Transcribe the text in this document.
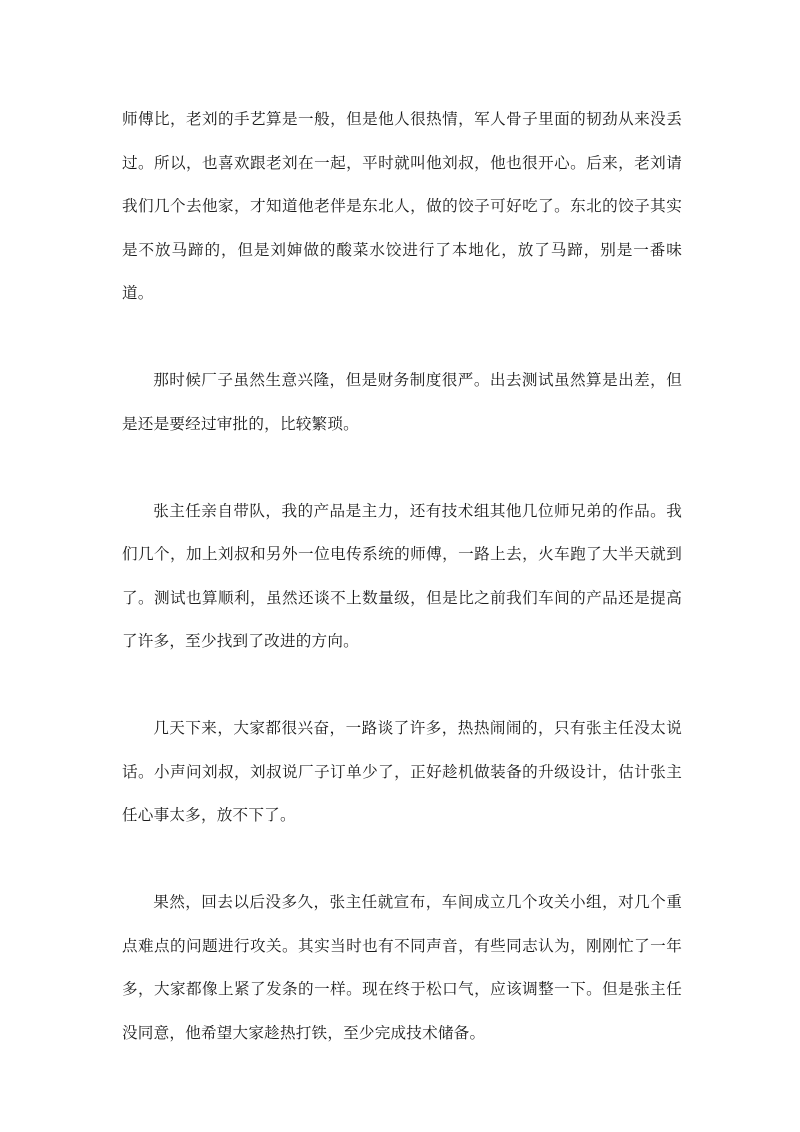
师傅比，老刘的手艺算是一般，但是他人很热情，军人骨子里面的韧劲从来没丢过。所以，也喜欢跟老刘在一起，平时就叫他刘叔，他也很开心。后来，老刘请我们几个去他家，才知道他老伴是东北人，做的饺子可好吃了。东北的饺子其实是不放马蹄的，但是刘婶做的酸菜水饺进行了本地化，放了马蹄，别是一番味道。

那时候厂子虽然生意兴隆，但是财务制度很严。出去测试虽然算是出差，但是还是要经过审批的，比较繁琐。

张主任亲自带队，我的产品是主力，还有技术组其他几位师兄弟的作品。我们几个，加上刘叔和另外一位电传系统的师傅，一路上去，火车跑了大半天就到了。测试也算顺利，虽然还谈不上数量级，但是比之前我们车间的产品还是提高了许多，至少找到了改进的方向。

几天下来，大家都很兴奋，一路谈了许多，热热闹闹的，只有张主任没太说话。小声问刘叔，刘叔说厂子订单少了，正好趁机做装备的升级设计，估计张主任心事太多，放不下了。

果然，回去以后没多久，张主任就宣布，车间成立几个攻关小组，对几个重点难点的问题进行攻关。其实当时也有不同声音，有些同志认为，刚刚忙了一年多，大家都像上紧了发条的一样。现在终于松口气，应该调整一下。但是张主任没同意，他希望大家趁热打铁，至少完成技术储备。
